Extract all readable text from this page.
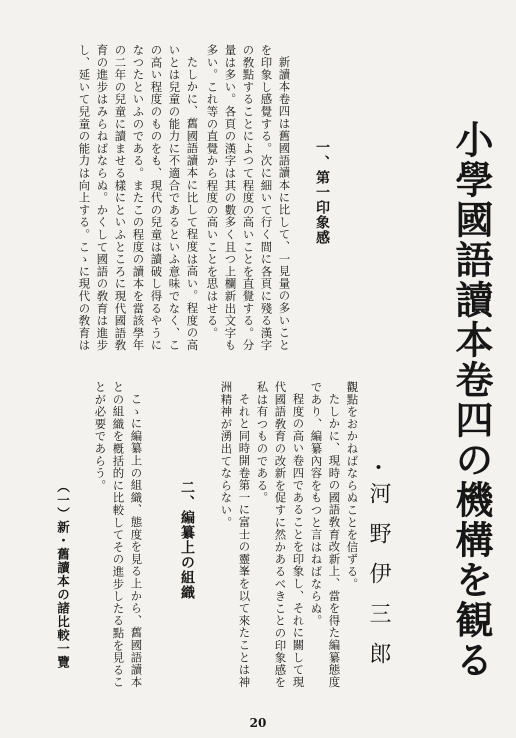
一、第一印象感
新讀本卷四は舊國語讀本に比して、一見量の多いこと
を印象し感覺する。次に細いて行く間に各頁に殘る漢字
の敎點することによつて程度の高いことを直覺する。分
量は多い。各頁の漢字は其の數多く且つ上欄新出文字も
多い。これ等の直覺から程度の高いことを思はせる。
たしかに、舊國語讀本に比して程度は高い。程度の高
いとは兒童の能力に不適合であるといふ意味でなく、こ
の高い程度のものをも、現代の兒童は讀破し得るやうに
なつたといふのである。またこの程度の讀本を當該學年
の二年の兒童に讀ませる樣にといふところに現代國語敎
育の進步はみらねばならぬ。かくして國語の敎育は進步
し、延いて兒童の能力は向上する。こゝに現代の敎育は	小學國語讀本卷四の機構を観る
・
河野伊三郎
觀點をおかねばならぬことを信ずる。
たしかに、現時の國語敎育改新上、當を得た編纂態度
であり、編纂內容をもつと言はねばならぬ。
程度の高い卷四であることを印象し、それに關して現
代國語敎育の改新を促すに然かあるべきことの印象感を
私は有つものである。
それと同時開卷第一に富士の靈峯を以て來たことは神
洲精神が湧出てならない。
二、編纂上の組織
こゝに編纂上の組織、態度を見る上から、舊國語讀本
との組織を槪括的に比較してその進步したる點を見るこ
とが必要であらう。
（一）新・舊讀本の諸比較一覽
20
